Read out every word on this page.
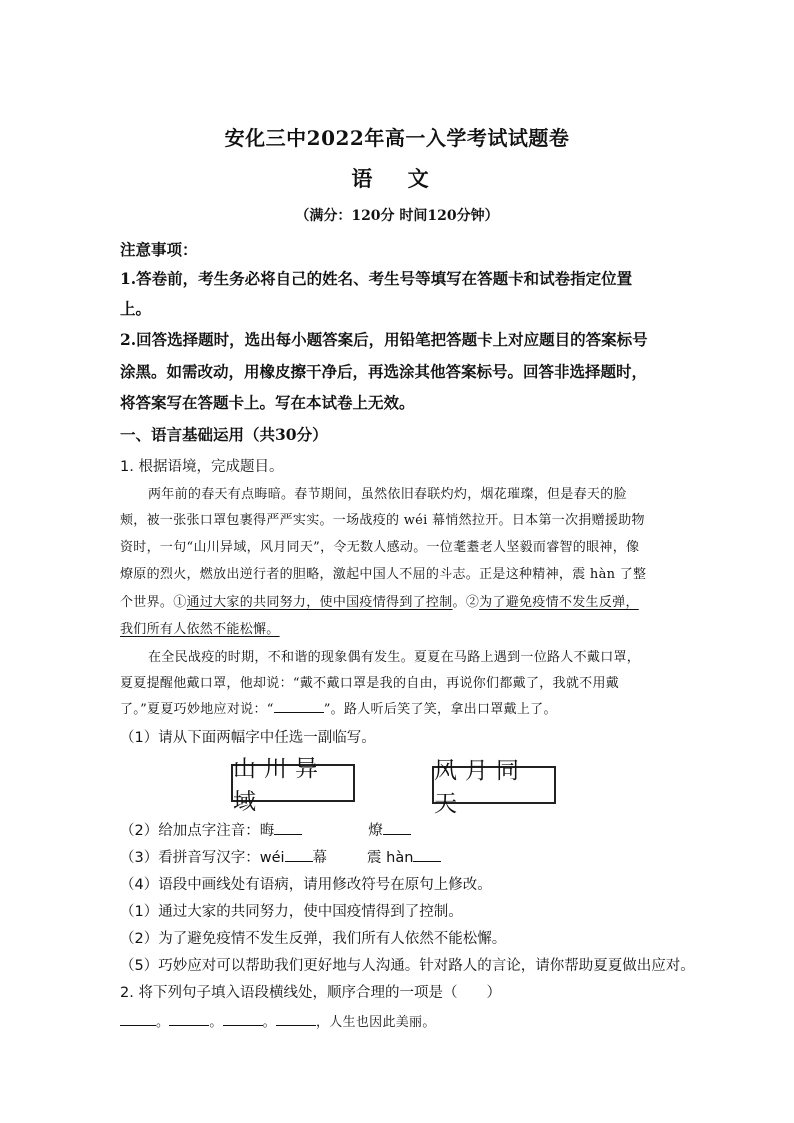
安化三中2022年高一入学考试试题卷
语 文
（满分：120分 时间120分钟）
注意事项：
1.答卷前，考生务必将自己的姓名、考生号等填写在答题卡和试卷指定位置
上。
2.回答选择题时，选出每小题答案后，用铅笔把答题卡上对应题目的答案标号
涂黑。如需改动，用橡皮擦干净后，再选涂其他答案标号。回答非选择题时，
将答案写在答题卡上。写在本试卷上无效。
一、语言基础运用（共30分）
1. 根据语境，完成题目。
两年前的春天有点晦暗。春节期间，虽然依旧春联灼灼，烟花璀璨，但是春天的脸
颊，被一张张口罩包裹得严严实实。一场战疫的 wéi 幕悄然拉开。日本第一次捐赠援助物
资时，一句“山川异域，风月同天”，令无数人感动。一位耄耋老人坚毅而睿智的眼神，像
燎原的烈火，燃放出逆行者的胆略，激起中国人不屈的斗志。正是这种精神，震 hàn 了整
个世界。①通过大家的共同努力，使中国疫情得到了控制。②为了避免疫情不发生反弹，
我们所有人依然不能松懈。
在全民战疫的时期，不和谐的现象偶有发生。夏夏在马路上遇到一位路人不戴口罩，
夏夏提醒他戴口罩，他却说：“戴不戴口罩是我的自由，再说你们都戴了，我就不用戴
了。”夏夏巧妙地应对说：“	”。路人听后笑了笑，拿出口罩戴上了。
（1）请从下面两幅字中任选一副临写。
山川异域
风月同天
（2）给加点字注音：晦	燎
（3）看拼音写汉字：wéi 幕	震 hàn
（4）语段中画线处有语病，请用修改符号在原句上修改。
（1）通过大家的共同努力，使中国疫情得到了控制。
（2）为了避免疫情不发生反弹，我们所有人依然不能松懈。
（5）巧妙应对可以帮助我们更好地与人沟通。针对路人的言论，请你帮助夏夏做出应对。
2. 将下列句子填入语段横线处，顺序合理的一项是（　　）
。	。	。	，人生也因此美丽。
